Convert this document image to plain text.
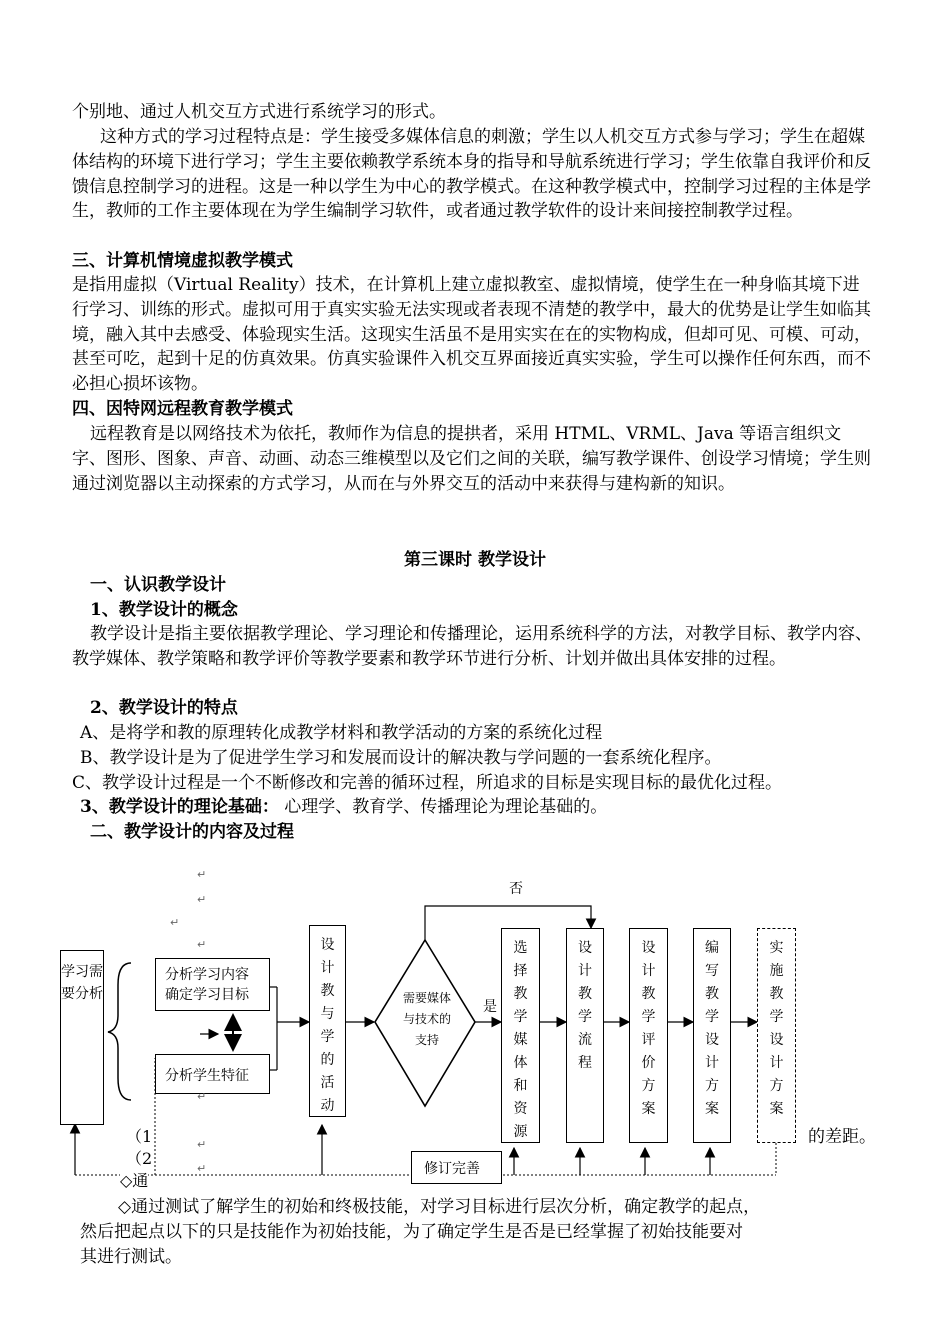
个别地、通过人机交互方式进行系统学习的形式。

这种方式的学习过程特点是：学生接受多媒体信息的刺激；学生以人机交互方式参与学习；学生在超媒体结构的环境下进行学习；学生主要依赖教学系统本身的指导和导航系统进行学习；学生依靠自我评价和反馈信息控制学习的进程。这是一种以学生为中心的教学模式。在这种教学模式中，控制学习过程的主体是学生，教师的工作主要体现在为学生编制学习软件，或者通过教学软件的设计来间接控制教学过程。

三、计算机情境虚拟教学模式

是指用虚拟（Virtual Reality）技术，在计算机上建立虚拟教室、虚拟情境，使学生在一种身临其境下进行学习、训练的形式。虚拟可用于真实实验无法实现或者表现不清楚的教学中，最大的优势是让学生如临其境，融入其中去感受、体验现实生活。这现实生活虽不是用实实在在的实物构成，但却可见、可模、可动，甚至可吃，起到十足的仿真效果。仿真实验课件入机交互界面接近真实实验，学生可以操作任何东西，而不必担心损坏该物。

四、因特网远程教育教学模式

远程教育是以网络技术为依托，教师作为信息的提拱者，采用 HTML、VRML、Java 等语言组织文字、图形、图象、声音、动画、动态三维模型以及它们之间的关联，编写教学课件、创设学习情境；学生则通过浏览器以主动探索的方式学习，从而在与外界交互的活动中来获得与建构新的知识。

第三课时 教学设计

一、认识教学设计

1、教学设计的概念

教学设计是指主要依据教学理论、学习理论和传播理论，运用系统科学的方法，对教学目标、教学内容、教学媒体、教学策略和教学评价等教学要素和教学环节进行分析、计划并做出具体安排的过程。

2、教学设计的特点

A、是将学和教的原理转化成教学材料和教学活动的方案的系统化过程

B、教学设计是为了促进学生学习和发展而设计的解决教与学问题的一套系统化程序。

C、教学设计过程是一个不断修改和完善的循环过程，所追求的目标是实现目标的最优化过程。

3、教学设计的理论基础： 心理学、教育学、传播理论为理论基础的。

二、教学设计的内容及过程

学习需要分析
分析学习内容
确定学习目标
分析学生特征
设计教与学的活动
需要媒体与技术的支持
是
否
选择教学媒体和资源
设计教学流程
设计教学评价方案
编写教学设计方案
实施教学设计方案
修订完善
（1
（2
◇通
的差距。
↵
↵
↵
↵
↵
↵
↵

◇通过测试了解学生的初始和终极技能，对学习目标进行层次分析，确定教学的起点，

然后把起点以下的只是技能作为初始技能，为了确定学生是否是已经掌握了初始技能要对

其进行测试。
